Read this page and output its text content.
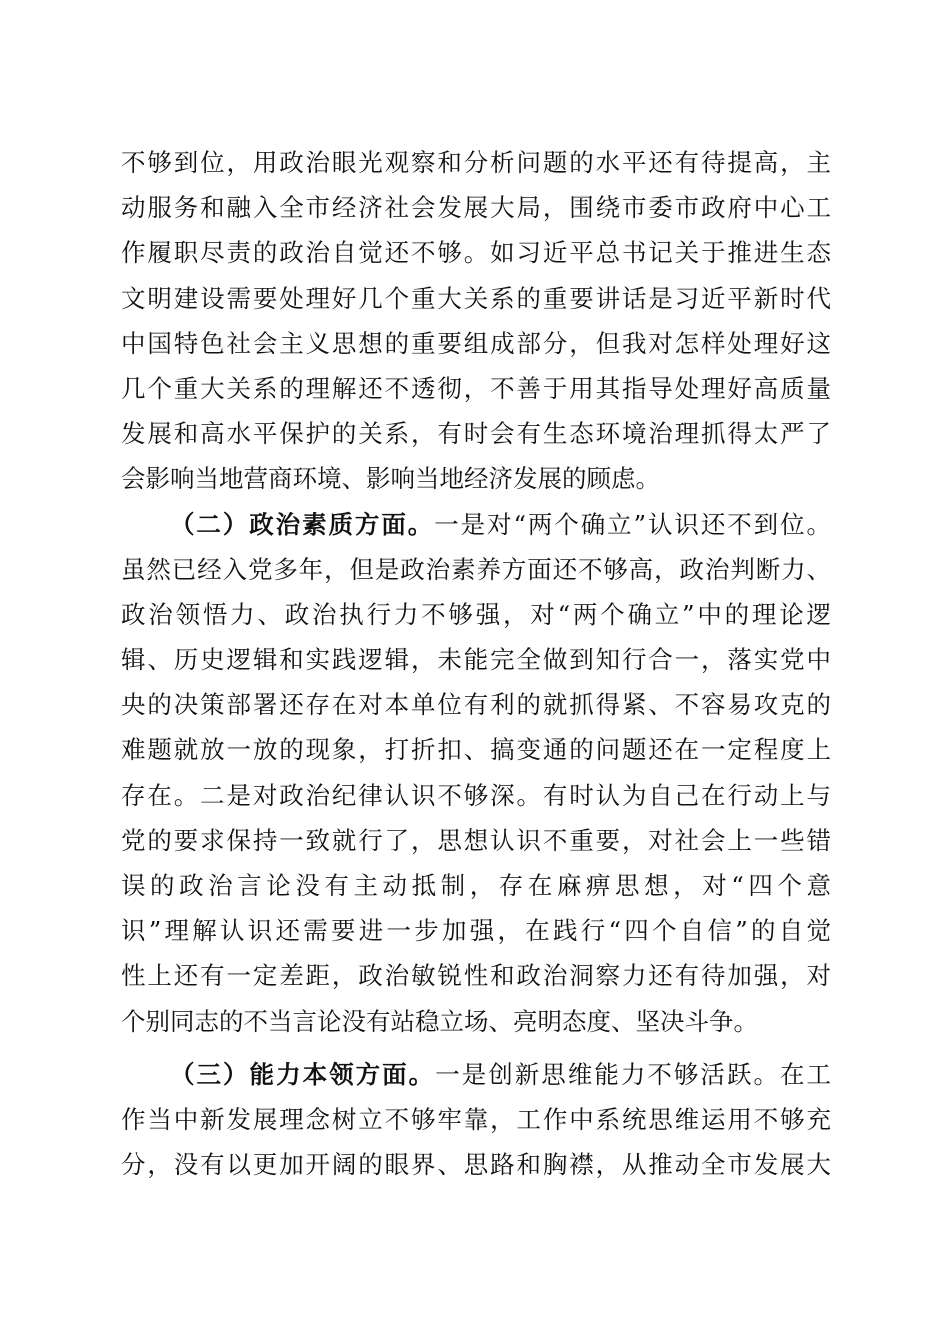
不够到位，用政治眼光观察和分析问题的水平还有待提高，主
动服务和融入全市经济社会发展大局，围绕市委市政府中心工
作履职尽责的政治自觉还不够。如习近平总书记关于推进生态
文明建设需要处理好几个重大关系的重要讲话是习近平新时代
中国特色社会主义思想的重要组成部分，但我对怎样处理好这
几个重大关系的理解还不透彻，不善于用其指导处理好高质量
发展和高水平保护的关系，有时会有生态环境治理抓得太严了
会影响当地营商环境、影响当地经济发展的顾虑。
（二）政治素质方面。一是对“两个确立”认识还不到位。
虽然已经入党多年，但是政治素养方面还不够高，政治判断力、
政治领悟力、政治执行力不够强，对“两个确立”中的理论逻
辑、历史逻辑和实践逻辑，未能完全做到知行合一，落实党中
央的决策部署还存在对本单位有利的就抓得紧、不容易攻克的
难题就放一放的现象，打折扣、搞变通的问题还在一定程度上
存在。二是对政治纪律认识不够深。有时认为自己在行动上与
党的要求保持一致就行了，思想认识不重要，对社会上一些错
误的政治言论没有主动抵制，存在麻痹思想，对“四个意
识”理解认识还需要进一步加强，在践行“四个自信”的自觉
性上还有一定差距，政治敏锐性和政治洞察力还有待加强，对
个别同志的不当言论没有站稳立场、亮明态度、坚决斗争。
（三）能力本领方面。一是创新思维能力不够活跃。在工
作当中新发展理念树立不够牢靠，工作中系统思维运用不够充
分，没有以更加开阔的眼界、思路和胸襟，从推动全市发展大
